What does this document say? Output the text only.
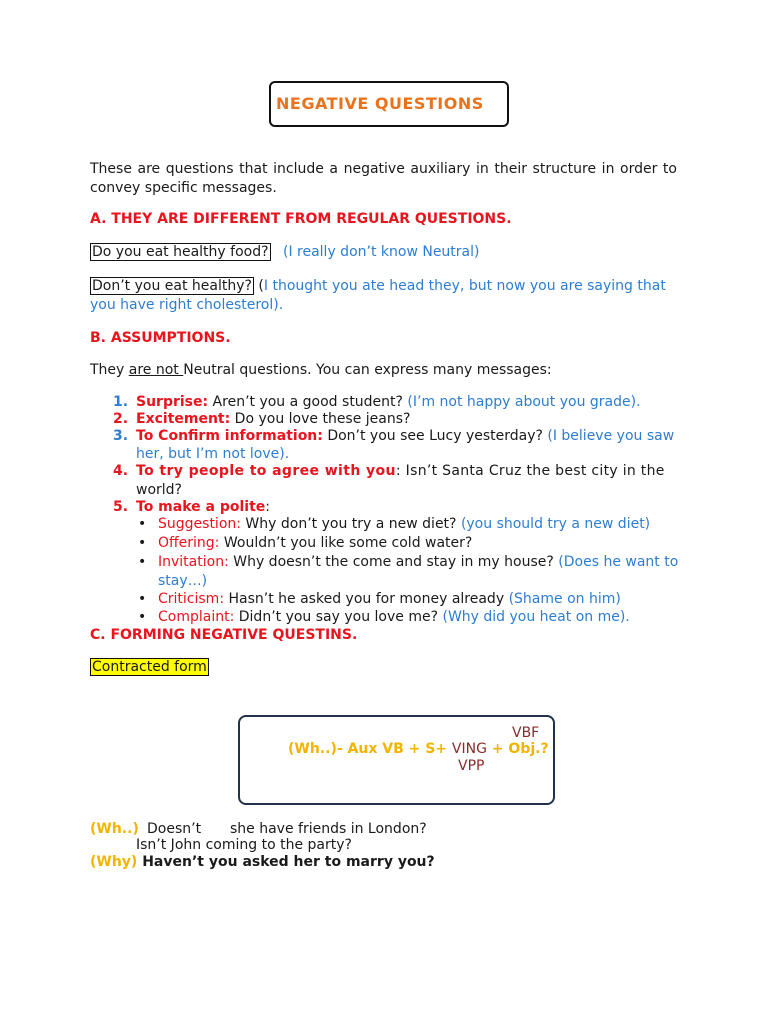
NEGATIVE QUESTIONS
These are questions that include a negative auxiliary in their structure in order to convey specific messages.
A. THEY ARE DIFFERENT FROM REGULAR QUESTIONS.
Do you eat healthy food? (I really don’t know Neutral)
Don’t you eat healthy? (I thought you ate head they, but now you are saying that
you have right cholesterol).
B. ASSUMPTIONS.
They are not Neutral questions. You can express many messages:
1. Surprise: Aren’t you a good student? (I’m not happy about you grade).
2. Excitement: Do you love these jeans?
3. To Confirm information: Don’t you see Lucy yesterday? (I believe you saw
her, but I’m not love).
4. To try people to agree with you: Isn’t Santa Cruz the best city in the
world?
5. To make a polite:
• Suggestion: Why don’t you try a new diet? (you should try a new diet)
• Offering: Wouldn’t you like some cold water?
• Invitation: Why doesn’t the come and stay in my house? (Does he want to
stay…)
• Criticism: Hasn’t he asked you for money already (Shame on him)
• Complaint: Didn’t you say you love me? (Why did you heat on me).
C. FORMING NEGATIVE QUESTINS.
Contracted form
VBF
(Wh..)- Aux VB + S+ VING + Obj.?
VPP
(Wh..) Doesn’t she have friends in London?
Isn’t John coming to the party?
(Why) Haven’t you asked her to marry you?
